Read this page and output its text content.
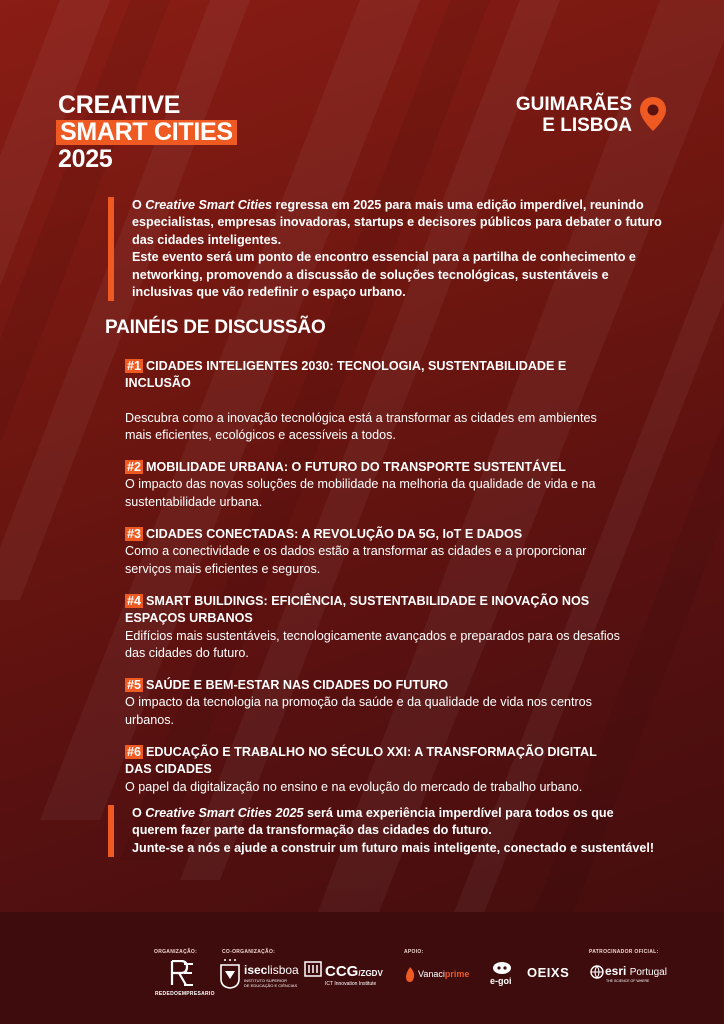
CREATIVE
SMART CITIES
2025
GUIMARÃES
E LISBOA

O Creative Smart Cities regressa em 2025 para mais uma edição imperdível, reunindo especialistas, empresas inovadoras, startups e decisores públicos para debater o futuro das cidades inteligentes.

Este evento será um ponto de encontro essencial para a partilha de conhecimento e networking, promovendo a discussão de soluções tecnológicas, sustentáveis e inclusivas que vão redefinir o espaço urbano.

PAINÉIS DE DISCUSSÃO
#1 CIDADES INTELIGENTES 2030: TECNOLOGIA, SUSTENTABILIDADE E INCLUSÃO
Descubra como a inovação tecnológica está a transformar as cidades em ambientes mais eficientes, ecológicos e acessíveis a todos.
#2 MOBILIDADE URBANA: O FUTURO DO TRANSPORTE SUSTENTÁVEL
O impacto das novas soluções de mobilidade na melhoria da qualidade de vida e na sustentabilidade urbana.
#3 CIDADES CONECTADAS: A REVOLUÇÃO DA 5G, IoT E DADOS
Como a conectividade e os dados estão a transformar as cidades e a proporcionar serviços mais eficientes e seguros.
#4 SMART BUILDINGS: EFICIÊNCIA, SUSTENTABILIDADE E INOVAÇÃO NOS ESPAÇOS URBANOS
Edifícios mais sustentáveis, tecnologicamente avançados e preparados para os desafios das cidades do futuro.
#5 SAÚDE E BEM-ESTAR NAS CIDADES DO FUTURO
O impacto da tecnologia na promoção da saúde e da qualidade de vida nos centros urbanos.
#6 EDUCAÇÃO E TRABALHO NO SÉCULO XXI: A TRANSFORMAÇÃO DIGITAL DAS CIDADES
O papel da digitalização no ensino e na evolução do mercado de trabalho urbano.

O Creative Smart Cities 2025 será uma experiência imperdível para todos os que querem fazer parte da transformação das cidades do futuro.

Junte-se a nós e ajude a construir um futuro mais inteligente, conectado e sustentável!

ORGANIZAÇÃO:	CO-ORGANIZAÇÃO:	APOIO:	PATROCINADOR OFICIAL:
REDEDOEMPRESARIO
iseclisboa
INSTITUTO SUPERIOR
DE EDUCAÇÃO E CIÊNCIAS
CCG/ZGDV
ICT Innovation Institute
Vanaciprime
e-goi
OEIXS	esri Portugal
THE SCIENCE OF WHERE
